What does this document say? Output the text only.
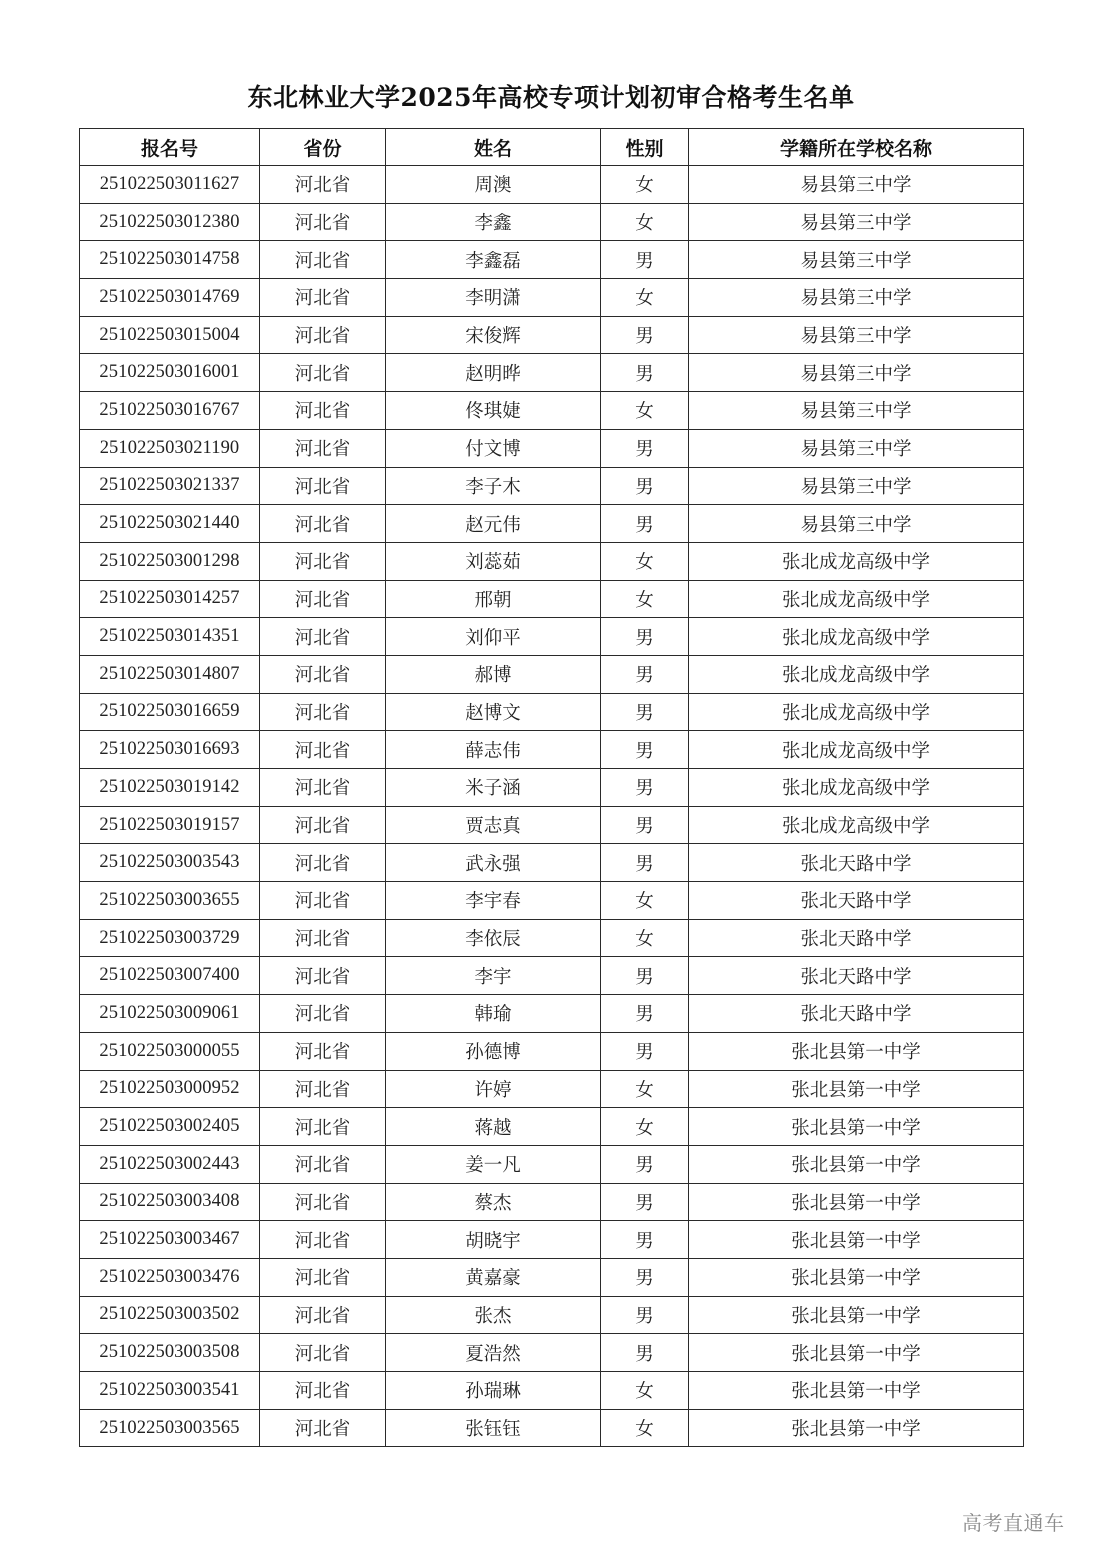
东北林业大学2025年高校专项计划初审合格考生名单
报名号	省份	姓名	性别	学籍所在学校名称
251022503011627	河北省	周澳	女	易县第三中学
251022503012380	河北省	李鑫	女	易县第三中学
251022503014758	河北省	李鑫磊	男	易县第三中学
251022503014769	河北省	李明潇	女	易县第三中学
251022503015004	河北省	宋俊辉	男	易县第三中学
251022503016001	河北省	赵明晔	男	易县第三中学
251022503016767	河北省	佟琪婕	女	易县第三中学
251022503021190	河北省	付文博	男	易县第三中学
251022503021337	河北省	李子木	男	易县第三中学
251022503021440	河北省	赵元伟	男	易县第三中学
251022503001298	河北省	刘蕊茹	女	张北成龙高级中学
251022503014257	河北省	邢朝	女	张北成龙高级中学
251022503014351	河北省	刘仰平	男	张北成龙高级中学
251022503014807	河北省	郝博	男	张北成龙高级中学
251022503016659	河北省	赵博文	男	张北成龙高级中学
251022503016693	河北省	薛志伟	男	张北成龙高级中学
251022503019142	河北省	米子涵	男	张北成龙高级中学
251022503019157	河北省	贾志真	男	张北成龙高级中学
251022503003543	河北省	武永强	男	张北天路中学
251022503003655	河北省	李宇春	女	张北天路中学
251022503003729	河北省	李依辰	女	张北天路中学
251022503007400	河北省	李宇	男	张北天路中学
251022503009061	河北省	韩瑜	男	张北天路中学
251022503000055	河北省	孙德博	男	张北县第一中学
251022503000952	河北省	许婷	女	张北县第一中学
251022503002405	河北省	蒋越	女	张北县第一中学
251022503002443	河北省	姜一凡	男	张北县第一中学
251022503003408	河北省	蔡杰	男	张北县第一中学
251022503003467	河北省	胡晓宇	男	张北县第一中学
251022503003476	河北省	黄嘉豪	男	张北县第一中学
251022503003502	河北省	张杰	男	张北县第一中学
251022503003508	河北省	夏浩然	男	张北县第一中学
251022503003541	河北省	孙瑞琳	女	张北县第一中学
251022503003565	河北省	张钰钰	女	张北县第一中学
高考直通车
